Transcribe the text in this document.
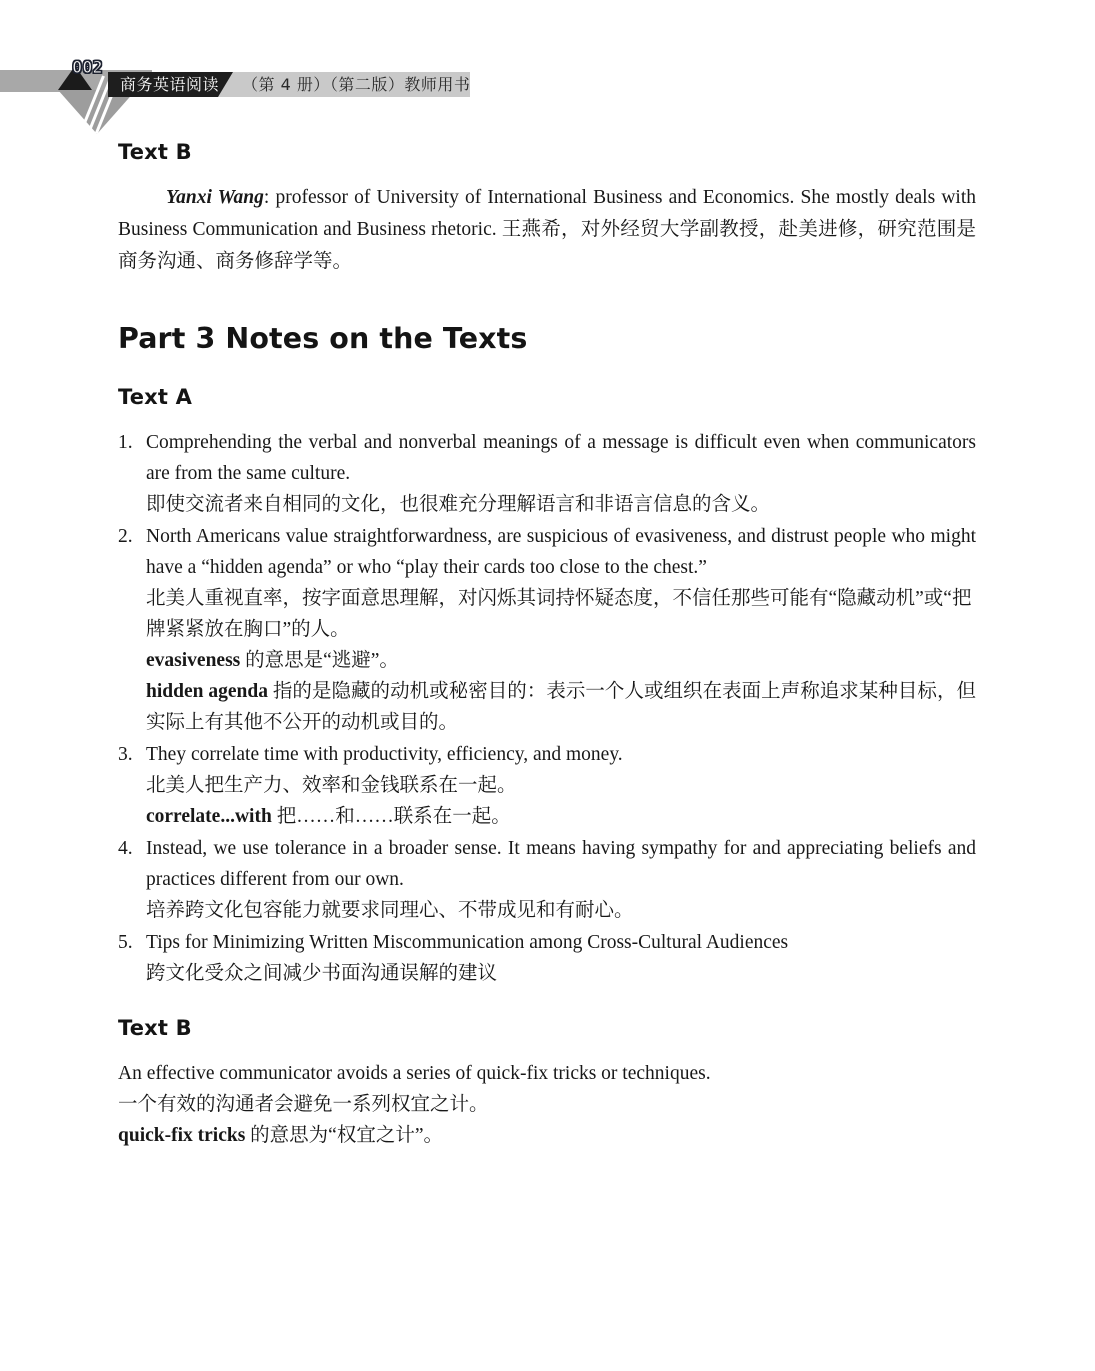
002
商务英语阅读 （第 4 册）（第二版）教师用书
Text B

Yanxi Wang: professor of University of International Business and Economics. She mostly deals with Business Communication and Business rhetoric. 王燕希，对外经贸大学副教授，赴美进修，研究范围是商务沟通、商务修辞学等。

Part 3 Notes on the Texts
Text A
1. Comprehending the verbal and nonverbal meanings of a message is difficult even when communicators are from the same culture.
即使交流者来自相同的文化，也很难充分理解语言和非语言信息的含义。
2. North Americans value straightforwardness, are suspicious of evasiveness, and distrust people who might have a “hidden agenda” or who “play their cards too close to the chest.”
北美人重视直率，按字面意思理解，对闪烁其词持怀疑态度，不信任那些可能有“隐藏动机”或“把牌紧紧放在胸口”的人。
evasiveness 的意思是“逃避”。
hidden agenda 指的是隐藏的动机或秘密目的：表示一个人或组织在表面上声称追求某种目标，但实际上有其他不公开的动机或目的。
3. They correlate time with productivity, efficiency, and money.
北美人把生产力、效率和金钱联系在一起。
correlate...with 把……和……联系在一起。
4. Instead, we use tolerance in a broader sense. It means having sympathy for and appreciating beliefs and practices different from our own.
培养跨文化包容能力就要求同理心、不带成见和有耐心。
5. Tips for Minimizing Written Miscommunication among Cross-Cultural Audiences
跨文化受众之间减少书面沟通误解的建议
Text B
An effective communicator avoids a series of quick-fix tricks or techniques.
一个有效的沟通者会避免一系列权宜之计。
quick-fix tricks 的意思为“权宜之计”。
